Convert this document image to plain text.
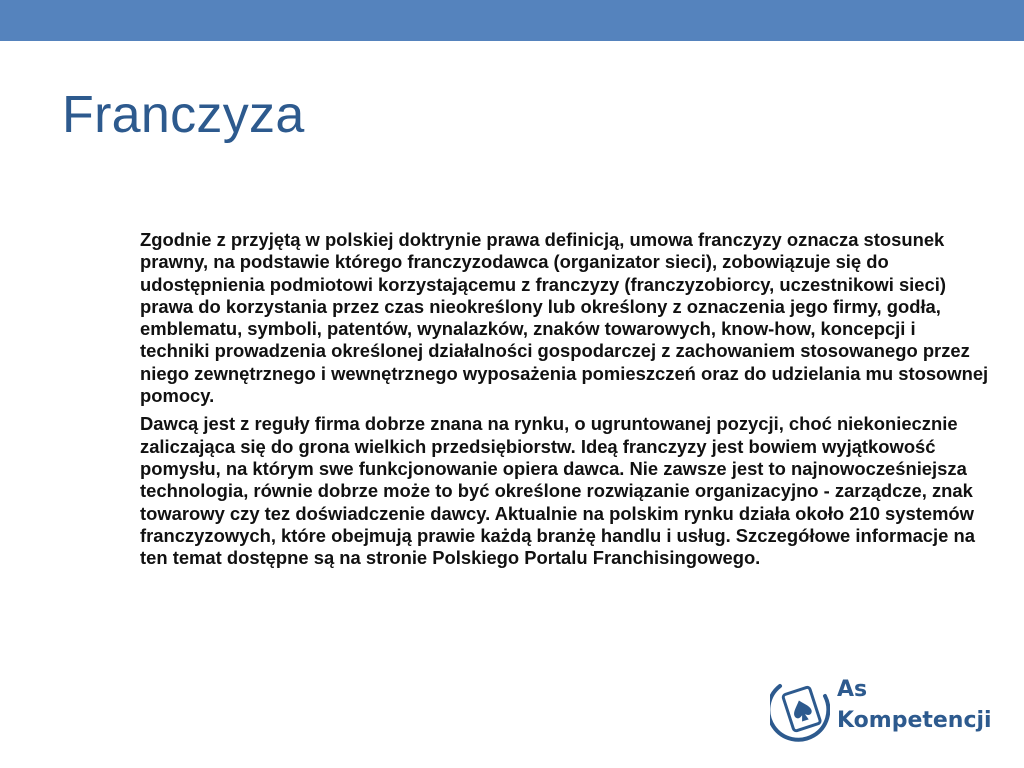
Franczyza

Zgodnie z przyjętą w polskiej doktrynie prawa definicją, umowa franczyzy oznacza stosunek prawny, na podstawie którego franczyzodawca (organizator sieci), zobowiązuje się do udostępnienia podmiotowi korzystającemu z franczyzy (franczyzobiorcy, uczestnikowi sieci) prawa do korzystania przez czas nieokreślony lub określony z oznaczenia jego firmy, godła, emblematu, symboli, patentów, wynalazków, znaków towarowych, know-how, koncepcji i techniki prowadzenia określonej działalności gospodarczej z zachowaniem stosowanego przez niego zewnętrznego i wewnętrznego wyposażenia pomieszczeń oraz do udzielania mu stosownej pomocy.

Dawcą jest z reguły firma dobrze znana na rynku, o ugruntowanej pozycji, choć niekoniecznie zaliczająca się do grona wielkich przedsiębiorstw. Ideą franczyzy jest bowiem wyjątkowość pomysłu, na którym swe funkcjonowanie opiera dawca. Nie zawsze jest to najnowocześniejsza technologia, równie dobrze może to być określone rozwiązanie organizacyjno - zarządcze, znak towarowy czy tez doświadczenie dawcy. Aktualnie na polskim rynku działa około 210 systemów franczyzowych, które obejmują prawie każdą branżę handlu i usług. Szczegółowe informacje na ten temat dostępne są na stronie Polskiego Portalu Franchisingowego.

As
Kompetencji
